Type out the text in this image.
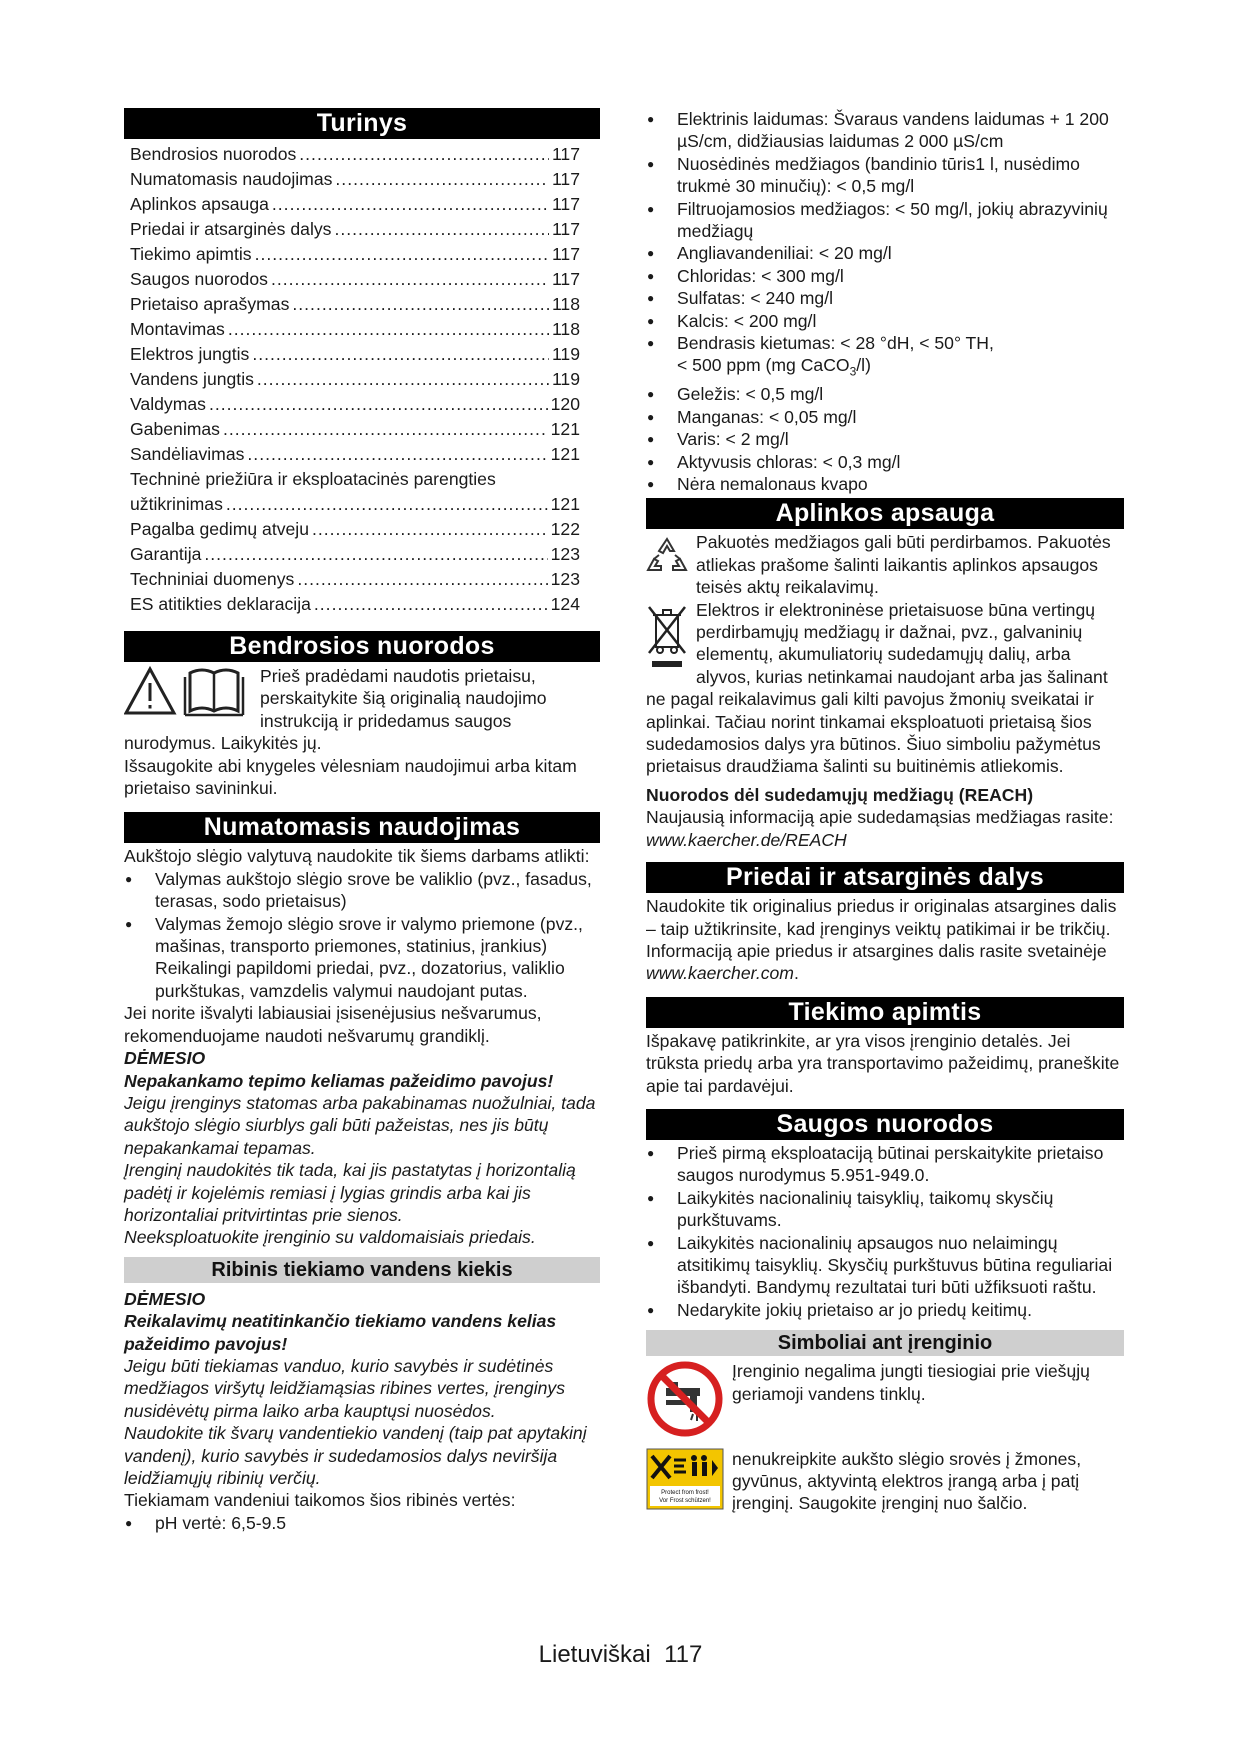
Turinys
Bendrosios nuorodos .....	117
Numatomasis naudojimas .....	117
Aplinkos apsauga .....	117
Priedai ir atsarginės dalys .....	117
Tiekimo apimtis .....	117
Saugos nuorodos .....	117
Prietaiso aprašymas .....	118
Montavimas .....	118
Elektros jungtis .....	119
Vandens jungtis .....	119
Valdymas .....	120
Gabenimas .....	121
Sandėliavimas .....	121
Techninė priežiūra ir eksploatacinės parengties
užtikrinimas .....	121
Pagalba gedimų atveju .....	122
Garantija .....	123
Techniniai duomenys .....	123
ES atitikties deklaracija .....	124
Bendrosios nuorodos

Prieš pradėdami naudotis prietaisu, perskaitykite šią originalią naudojimo instrukciją ir pridedamus saugos nurodymus. Laikykitės jų.

Išsaugokite abi knygeles vėlesniam naudojimui arba kitam prietaiso savininkui.

Numatomasis naudojimas

Aukštojo slėgio valytuvą naudokite tik šiems darbams atlikti:

● Valymas aukštojo slėgio srove be valiklio (pvz., fasadus, terasas, sodo prietaisus)
● Valymas žemojo slėgio srove ir valymo priemone (pvz., mašinas, transporto priemones, statinius, įrankius)

Reikalingi papildomi priedai, pvz., dozatorius, valiklio purkštukas, vamzdelis valymui naudojant putas.

Jei norite išvalyti labiausiai įsisenėjusius nešvarumus, rekomenduojame naudoti nešvarumų grandiklį.

DĖMESIO

Nepakankamo tepimo keliamas pažeidimo pavojus!

Jeigu įrenginys statomas arba pakabinamas nuožulniai, tada aukštojo slėgio siurblys gali būti pažeistas, nes jis būtų nepakankamai tepamas.

Įrenginį naudokitės tik tada, kai jis pastatytas į horizontalią padėtį ir kojelėmis remiasi į lygias grindis arba kai jis horizontaliai pritvirtintas prie sienos.

Neeksploatuokite įrenginio su valdomaisiais priedais.

Ribinis tiekiamo vandens kiekis

DĖMESIO

Reikalavimų neatitinkančio tiekiamo vandens kelias pažeidimo pavojus!

Jeigu būti tiekiamas vanduo, kurio savybės ir sudėtinės medžiagos viršytų leidžiamąsias ribines vertes, įrenginys nusidėvėtų pirma laiko arba kauptųsi nuosėdos.

Naudokite tik švarų vandentiekio vandenį (taip pat apytakinį vandenį), kurio savybės ir sudedamosios dalys neviršija leidžiamųjų ribinių verčių.

Tiekiamam vandeniui taikomos šios ribinės vertės:

● pH vertė: 6,5-9.5
● Elektrinis laidumas: Švaraus vandens laidumas + 1 200 µS/cm, didžiausias laidumas 2 000 µS/cm
● Nuosėdinės medžiagos (bandinio tūris1 l, nusėdimo trukmė 30 minučių): < 0,5 mg/l
● Filtruojamosios medžiagos: < 50 mg/l, jokių abrazyvinių medžiagų
● Angliavandeniliai: < 20 mg/l
● Chloridas: < 300 mg/l
● Sulfatas: < 240 mg/l
● Kalcis: < 200 mg/l
● Bendrasis kietumas: < 28 °dH, < 50° TH,
< 500 ppm (mg CaCO$_3$/l)
● Geležis: < 0,5 mg/l
● Manganas: < 0,05 mg/l
● Varis: < 2 mg/l
● Aktyvusis chloras: < 0,3 mg/l
● Nėra nemalonaus kvapo
Aplinkos apsauga

Pakuotės medžiagos gali būti perdirbamos. Pakuotės atliekas prašome šalinti laikantis aplinkos apsaugos teisės aktų reikalavimų.

Elektros ir elektroninėse prietaisuose būna vertingų perdirbamųjų medžiagų ir dažnai, pvz., galvaninių elementų, akumuliatorių sudedamųjų dalių, arba alyvos, kurias netinkamai naudojant arba jas šalinant ne pagal reikalavimus gali kilti pavojus žmonių sveikatai ir aplinkai. Tačiau norint tinkamai eksploatuoti prietaisą šios sudedamosios dalys yra būtinos. Šiuo simboliu pažymėtus prietaisus draudžiama šalinti su buitinėmis atliekomis.

Nuorodos dėl sudedamųjų medžiagų (REACH)

Naujausią informaciją apie sudedamąsias medžiagas rasite: www.kaercher.de/REACH

Priedai ir atsarginės dalys

Naudokite tik originalius priedus ir originalas atsargines dalis – taip užtikrinsite, kad įrenginys veiktų patikimai ir be trikčių.

Informaciją apie priedus ir atsargines dalis rasite svetainėje www.kaercher.com.

Tiekimo apimtis

Išpakavę patikrinkite, ar yra visos įrenginio detalės. Jei trūksta priedų arba yra transportavimo pažeidimų, praneškite apie tai pardavėjui.

Saugos nuorodos
● Prieš pirmą eksploataciją būtinai perskaitykite prietaiso saugos nurodymus 5.951-949.0.
● Laikykitės nacionalinių taisyklių, taikomų skysčių purkštuvams.
● Laikykitės nacionalinių apsaugos nuo nelaimingų atsitikimų taisyklių. Skysčių purkštuvus būtina reguliariai išbandyti. Bandymų rezultatai turi būti užfiksuoti raštu.
● Nedarykite jokių prietaiso ar jo priedų keitimų.
Simboliai ant įrenginio

Įrenginio negalima jungti tiesiogiai prie viešųjų geriamoji vandens tinklų.

Protect from frost!
Vor Frost schützen!

nenukreipkite aukšto slėgio srovės į žmones, gyvūnus, aktyvintą elektros įrangą arba į patį įrenginį. Saugokite įrenginį nuo šalčio.

Lietuviškai 117
